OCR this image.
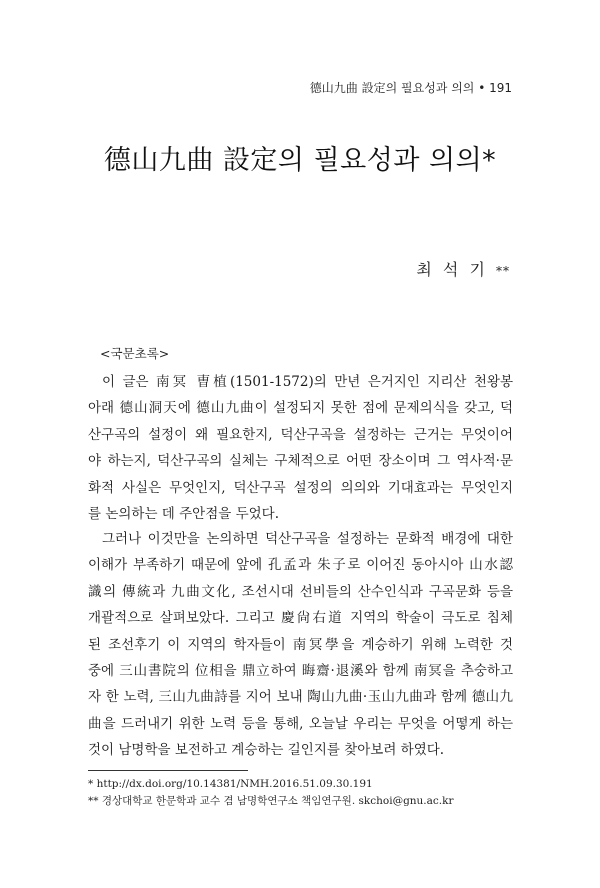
德山九曲 設定의 필요성과 의의 • 191
德山九曲 設定의 필요성과 의의*
최 석 기 **
<국문초록>
이 글은 南冥 曺植(1501-1572)의 만년 은거지인 지리산 천왕봉
아래 德山洞天에 德山九曲이 설정되지 못한 점에 문제의식을 갖고, 덕
산구곡의 설정이 왜 필요한지, 덕산구곡을 설정하는 근거는 무엇이어
야 하는지, 덕산구곡의 실체는 구체적으로 어떤 장소이며 그 역사적·문
화적 사실은 무엇인지, 덕산구곡 설정의 의의와 기대효과는 무엇인지
를 논의하는 데 주안점을 두었다.
그러나 이것만을 논의하면 덕산구곡을 설정하는 문화적 배경에 대한
이해가 부족하기 때문에 앞에 孔孟과 朱子로 이어진 동아시아 山水認
識의 傳統과 九曲文化, 조선시대 선비들의 산수인식과 구곡문화 등을
개괄적으로 살펴보았다. 그리고 慶尙右道 지역의 학술이 극도로 침체
된 조선후기 이 지역의 학자들이 南冥學을 계승하기 위해 노력한 것
중에 三山書院의 位相을 鼎立하여 晦齋·退溪와 함께 南冥을 추숭하고
자 한 노력, 三山九曲詩를 지어 보내 陶山九曲·玉山九曲과 함께 德山九
曲을 드러내기 위한 노력 등을 통해, 오늘날 우리는 무엇을 어떻게 하는
것이 남명학을 보전하고 계승하는 길인지를 찾아보려 하였다.
* http://dx.doi.org/10.14381/NMH.2016.51.09.30.191
** 경상대학교 한문학과 교수 겸 남명학연구소 책임연구원. skchoi@gnu.ac.kr
